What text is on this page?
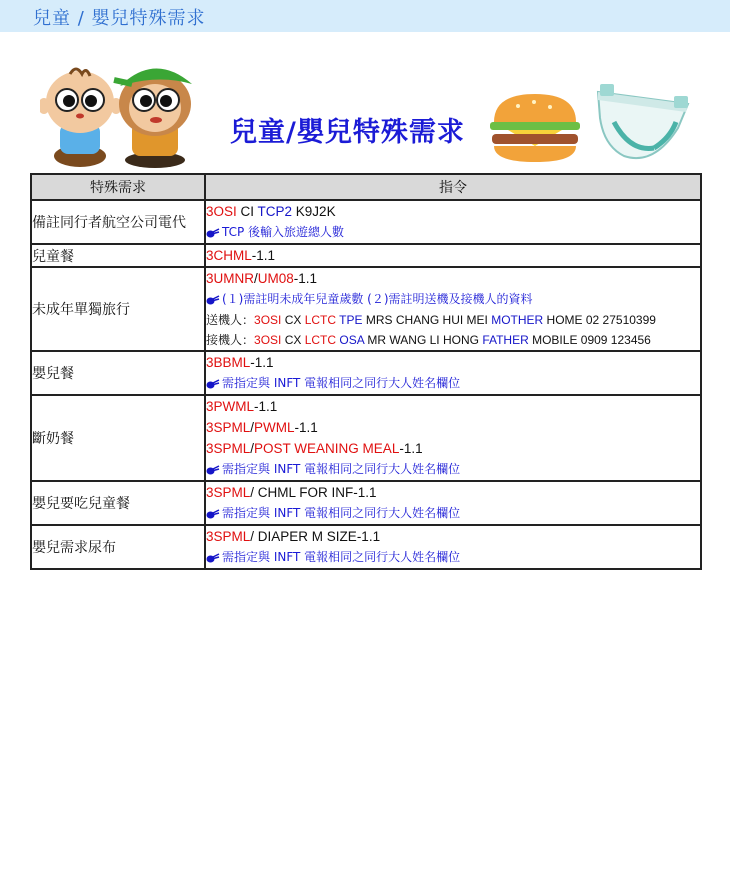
兒童 / 嬰兒特殊需求
兒童/嬰兒特殊需求
特殊需求	指令
備註同行者航空公司電代	3OSI CI TCP2 K9J2K
TCP 後輸入旅遊總人數

兒童餐	3CHML-1.1

未成年單獨旅行	3UMNR/UM08-1.1
(１)需註明未成年兒童歲數 (２)需註明送機及接機人的資料
送機人：3OSI CX LCTC TPE MRS CHANG HUI MEI MOTHER HOME 02 27510399
接機人：3OSI CX LCTC OSA MR WANG LI HONG FATHER MOBILE 0909 123456

嬰兒餐	3BBML-1.1
需指定與 INFT 電報相同之同行大人姓名欄位

斷奶餐	3PWML-1.1
3SPML/PWML-1.1
3SPML/POST WEANING MEAL-1.1
需指定與 INFT 電報相同之同行大人姓名欄位

嬰兒要吃兒童餐	3SPML/ CHML FOR INF-1.1
需指定與 INFT 電報相同之同行大人姓名欄位

嬰兒需求尿布	3SPML/ DIAPER M SIZE-1.1
需指定與 INFT 電報相同之同行大人姓名欄位
